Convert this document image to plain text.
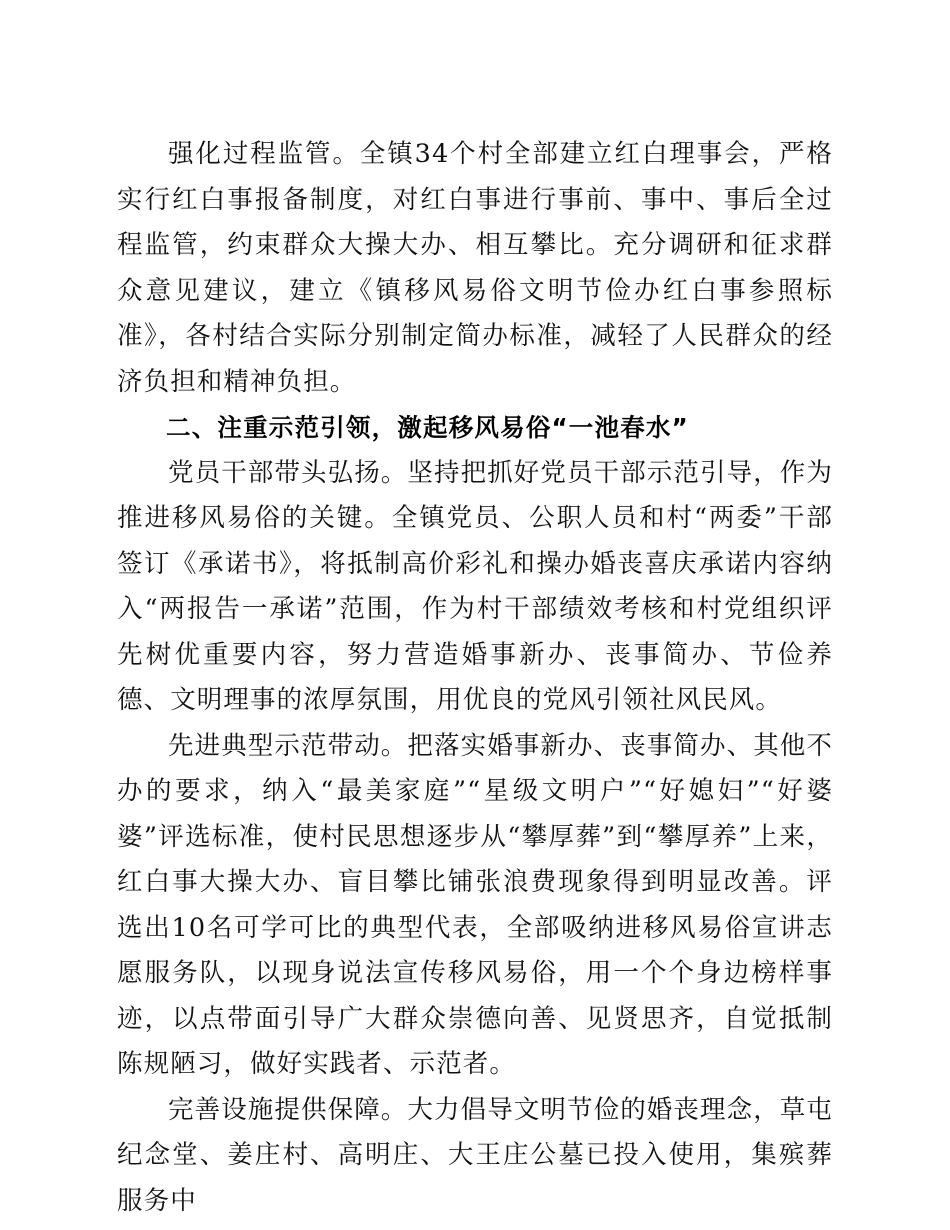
强化过程监管。全镇34个村全部建立红白理事会，严格实行红白事报备制度，对红白事进行事前、事中、事后全过程监管，约束群众大操大办、相互攀比。充分调研和征求群众意见建议，建立《镇移风易俗文明节俭办红白事参照标准》，各村结合实际分别制定简办标准，减轻了人民群众的经济负担和精神负担。

二、注重示范引领，激起移风易俗“一池春水”

党员干部带头弘扬。坚持把抓好党员干部示范引导，作为推进移风易俗的关键。全镇党员、公职人员和村“两委”干部签订《承诺书》，将抵制高价彩礼和操办婚丧喜庆承诺内容纳入“两报告一承诺”范围，作为村干部绩效考核和村党组织评先树优重要内容，努力营造婚事新办、丧事简办、节俭养德、文明理事的浓厚氛围，用优良的党风引领社风民风。

先进典型示范带动。把落实婚事新办、丧事简办、其他不办的要求，纳入“最美家庭”“星级文明户”“好媳妇”“好婆婆”评选标准，使村民思想逐步从“攀厚葬”到“攀厚养”上来，红白事大操大办、盲目攀比铺张浪费现象得到明显改善。评选出10名可学可比的典型代表，全部吸纳进移风易俗宣讲志愿服务队，以现身说法宣传移风易俗，用一个个身边榜样事迹，以点带面引导广大群众崇德向善、见贤思齐，自觉抵制陈规陋习，做好实践者、示范者。

完善设施提供保障。大力倡导文明节俭的婚丧理念，草屯纪念堂、姜庄村、高明庄、大王庄公墓已投入使用，集殡葬服务中
